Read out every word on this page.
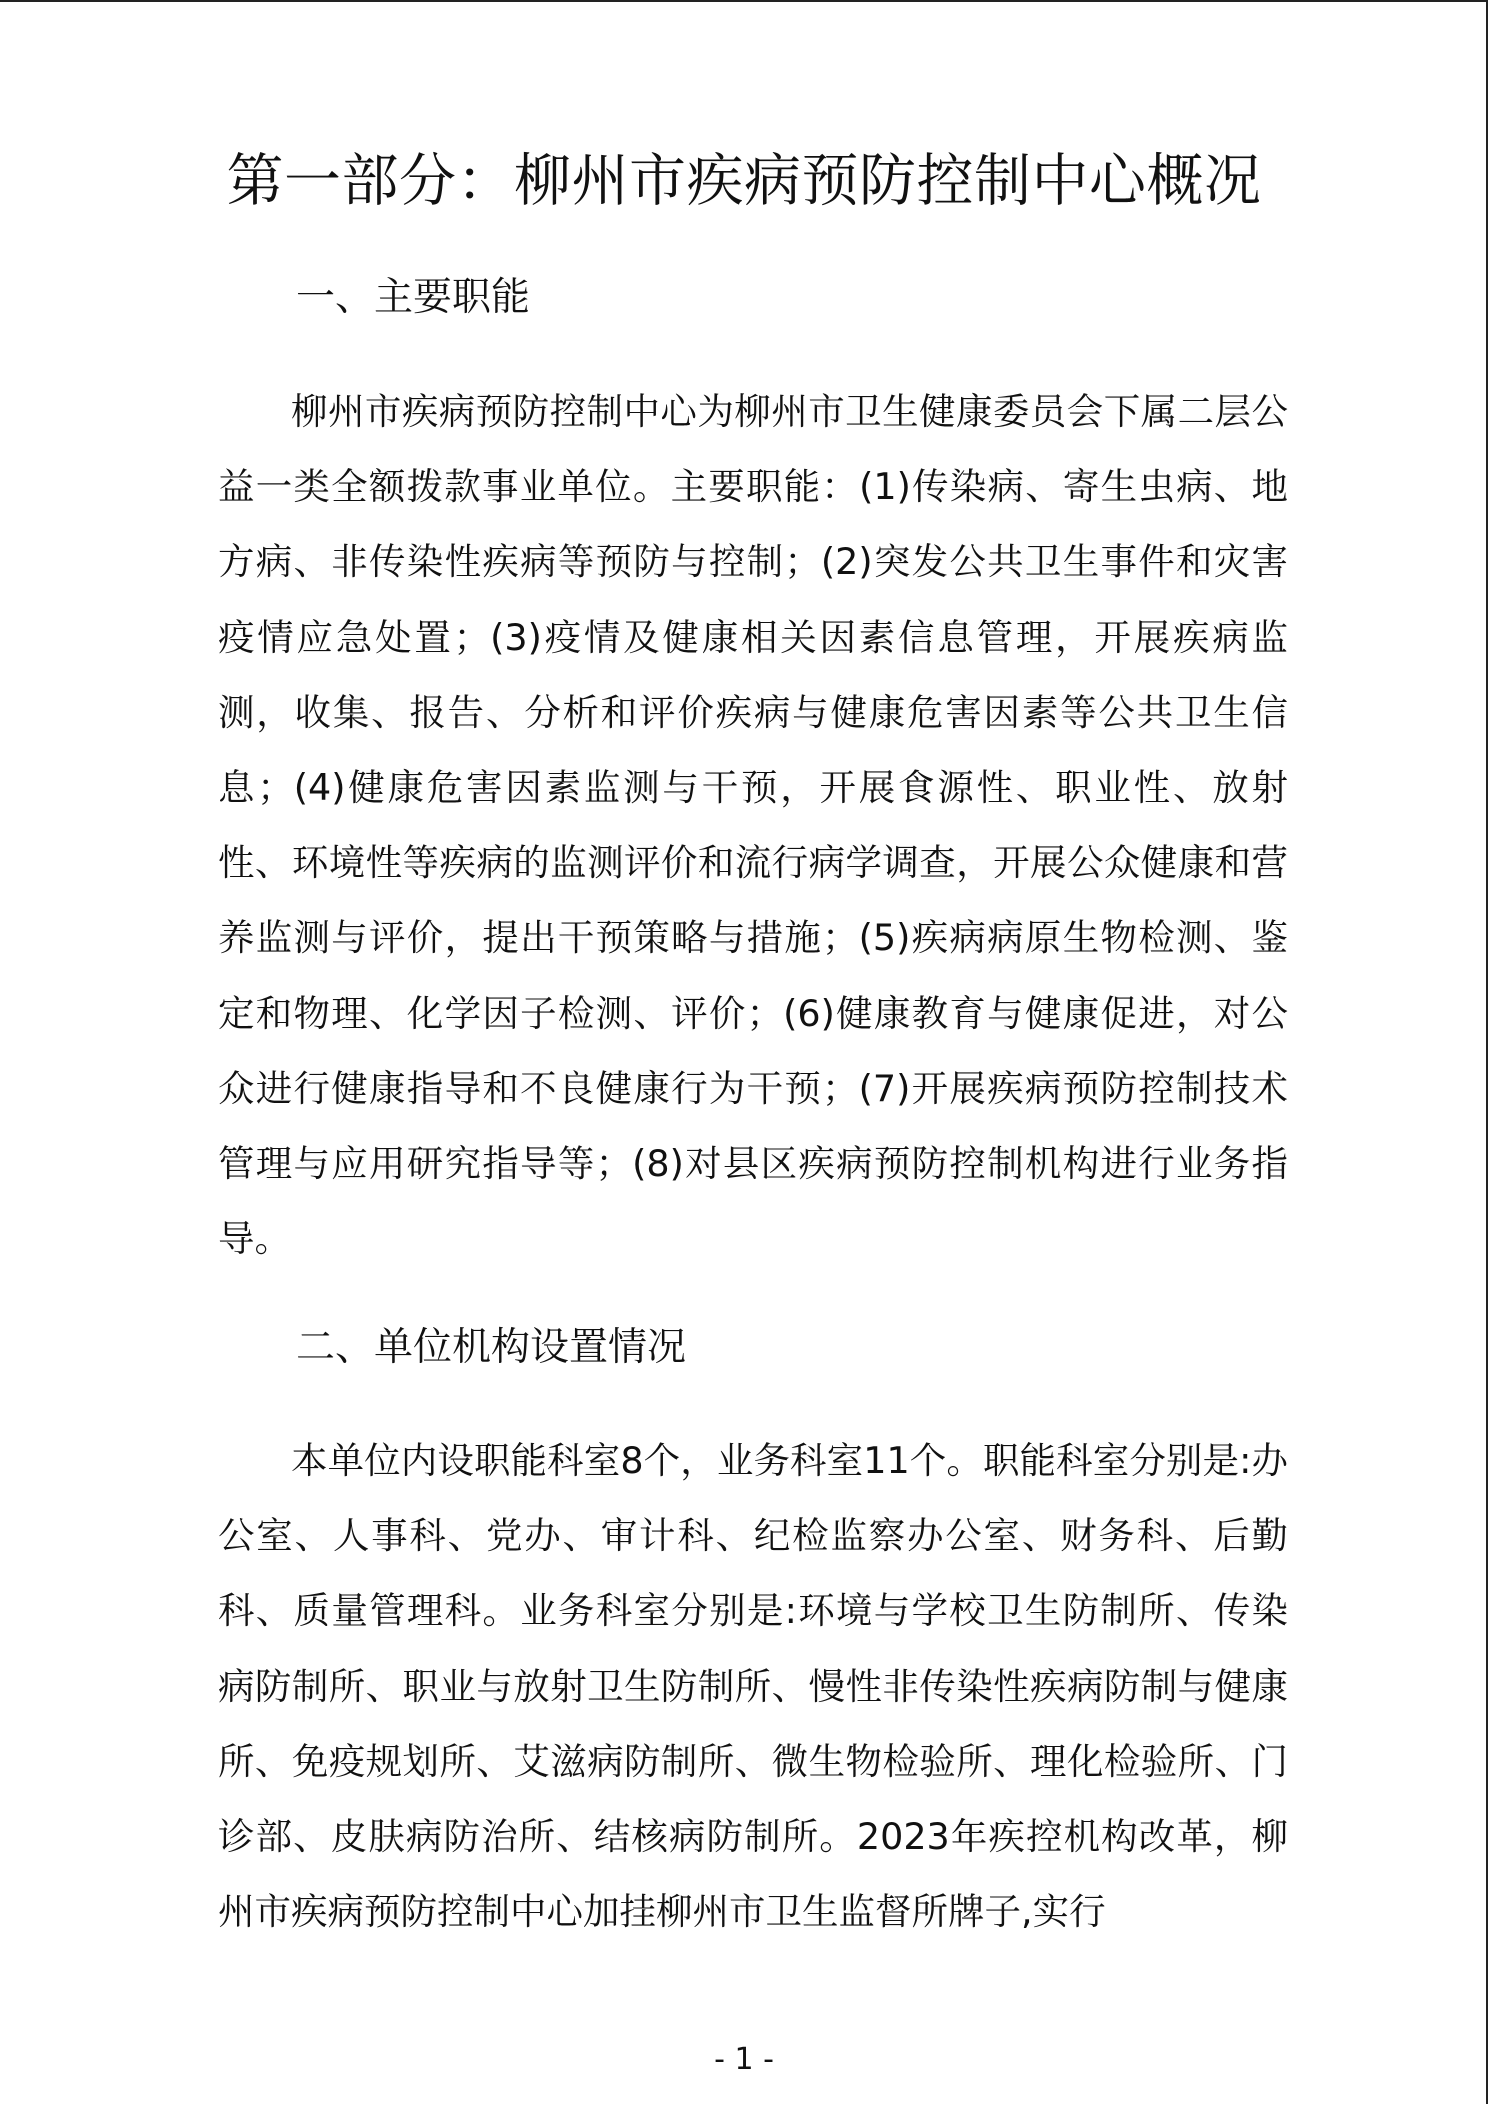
第一部分：柳州市疾病预防控制中心概况
一、主要职能

柳州市疾病预防控制中心为柳州市卫生健康委员会下属二层公益一类全额拨款事业单位。主要职能：(1)传染病、寄生虫病、地方病、非传染性疾病等预防与控制；(2)突发公共卫生事件和灾害疫情应急处置；(3)疫情及健康相关因素信息管理，开展疾病监测，收集、报告、分析和评价疾病与健康危害因素等公共卫生信息；(4)健康危害因素监测与干预，开展食源性、职业性、放射性、环境性等疾病的监测评价和流行病学调查，开展公众健康和营养监测与评价，提出干预策略与措施；(5)疾病病原生物检测、鉴定和物理、化学因子检测、评价；(6)健康教育与健康促进，对公众进行健康指导和不良健康行为干预；(7)开展疾病预防控制技术管理与应用研究指导等；(8)对县区疾病预防控制机构进行业务指导。

二、单位机构设置情况

本单位内设职能科室8个，业务科室11个。职能科室分别是:办公室、人事科、党办、审计科、纪检监察办公室、财务科、后勤科、质量管理科。业务科室分别是:环境与学校卫生防制所、传染病防制所、职业与放射卫生防制所、慢性非传染性疾病防制与健康所、免疫规划所、艾滋病防制所、微生物检验所、理化检验所、门诊部、皮肤病防治所、结核病防制所。2023年疾控机构改革，柳州市疾病预防控制中心加挂柳州市卫生监督所牌子,实行

- 1 -
